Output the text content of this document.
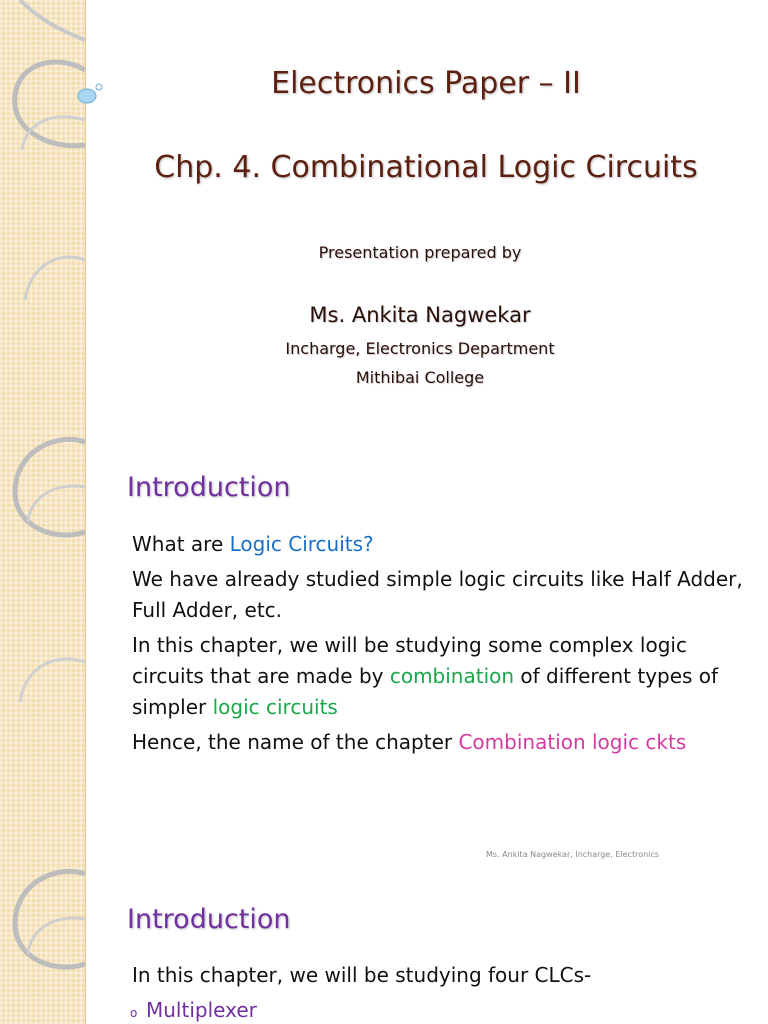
Electronics Paper – II
Chp. 4. Combinational Logic Circuits
Presentation prepared by
Ms. Ankita Nagwekar
Incharge, Electronics Department
Mithibai College
Introduction

What are Logic Circuits?

We have already studied simple logic circuits like Half Adder, Full Adder, etc.

In this chapter, we will be studying some complex logic circuits that are made by combination of different types of simpler logic circuits

Hence, the name of the chapter Combination logic ckts

Ms. Ankita Nagwekar, Incharge, Electronics
Introduction

In this chapter, we will be studying four CLCs-

o Multiplexer
